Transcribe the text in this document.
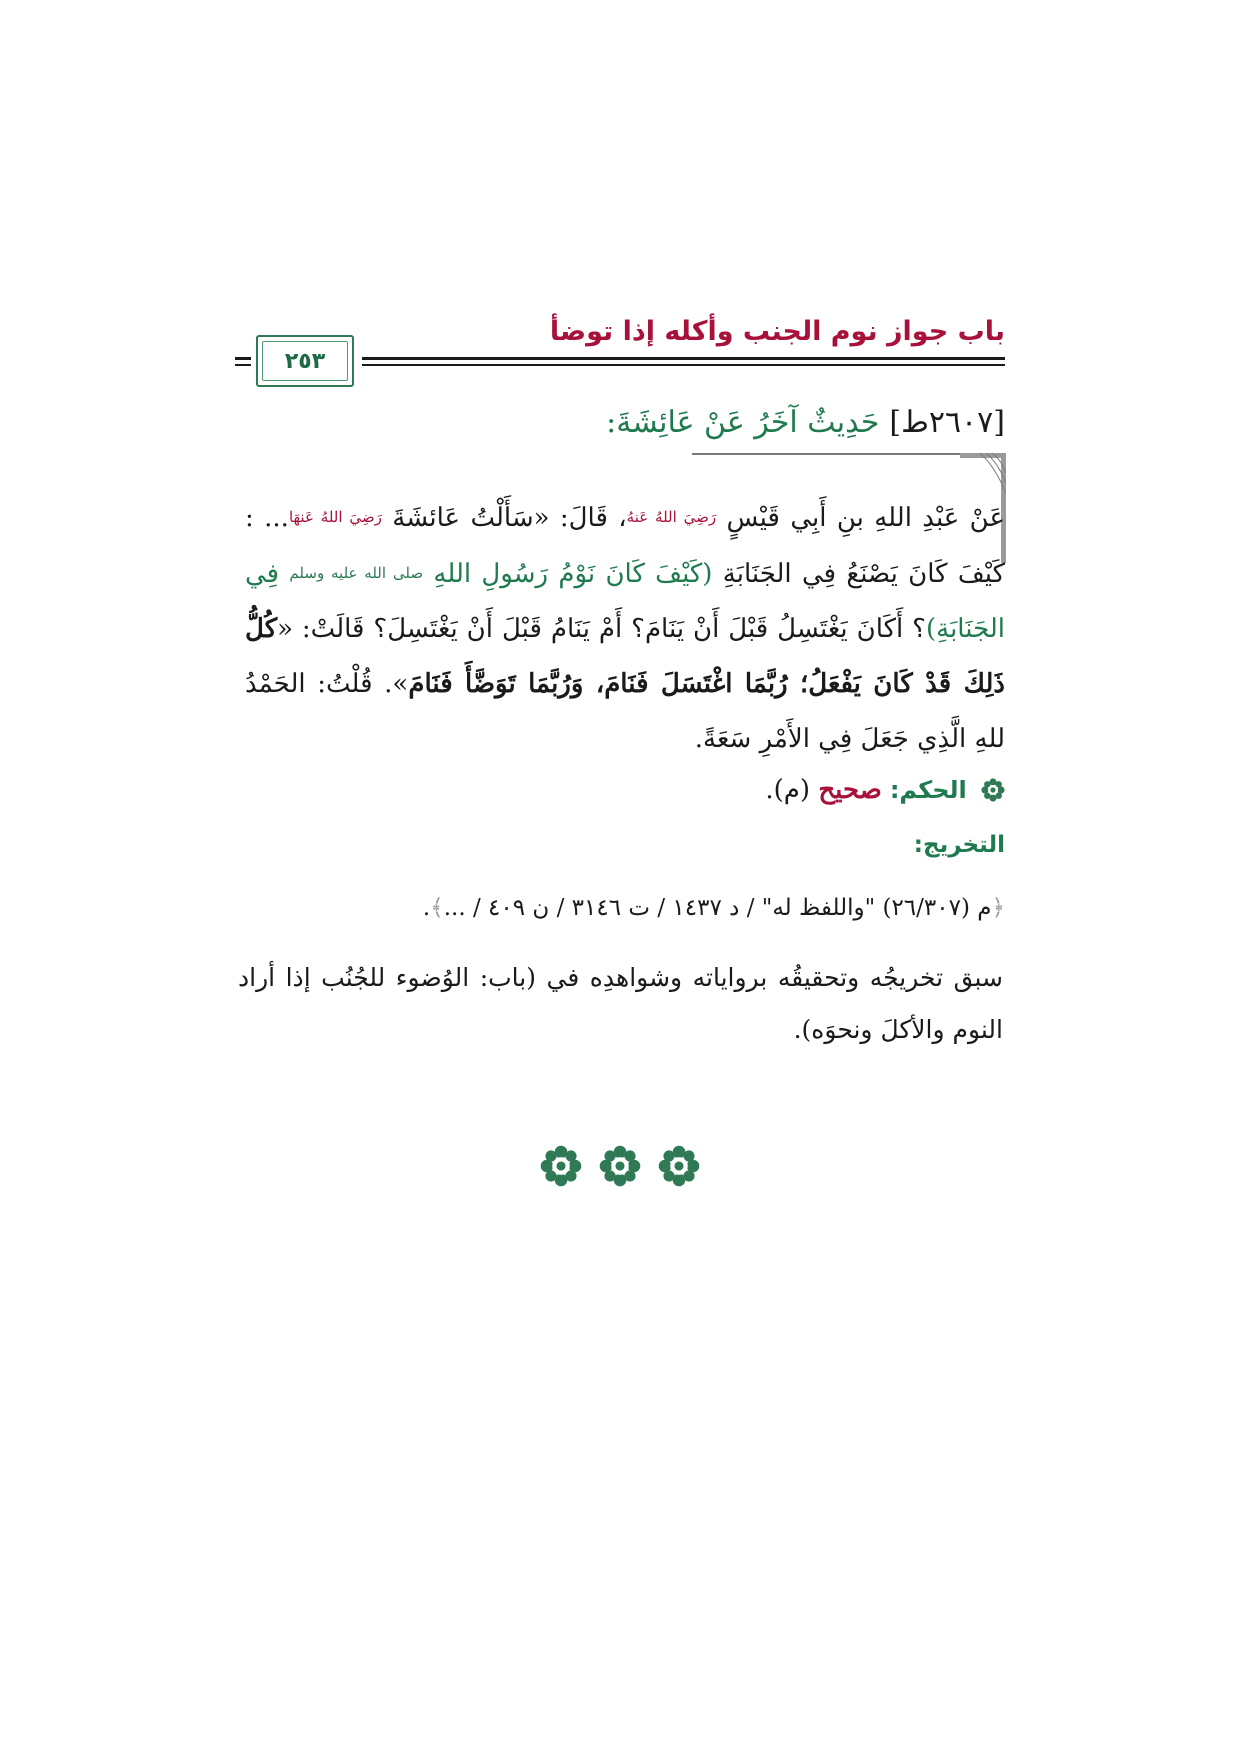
باب جواز نوم الجنب وأكله إذا توضأ
٢٥٣
[٢٦٠٧ط]حَدِيثٌ آخَرُ عَنْ عَائِشَةَ:
عَنْ عَبْدِ اللهِ بنِ أَبِي قَيْسٍ رَضِيَ اللهُ عَنهُ، قَالَ: «سَأَلْتُ عَائشَةَ رَضِيَ اللهُ عَنهَا... : كَيْفَ كَانَ يَصْنَعُ فِي الجَنَابَةِ (كَيْفَ كَانَ نَوْمُ رَسُولِ اللهِ صلى الله عليه وسلم فِي الجَنَابَةِ)؟ أَكَانَ يَغْتَسِلُ قَبْلَ أَنْ يَنَامَ؟ أَمْ يَنَامُ قَبْلَ أَنْ يَغْتَسِلَ؟ قَالَتْ: «كُلُّ ذَلِكَ قَدْ كَانَ يَفْعَلُ؛ رُبَّمَا اغْتَسَلَ فَنَامَ، وَرُبَّمَا تَوَضَّأَ فَنَامَ». قُلْتُ: الحَمْدُ للهِ الَّذِي جَعَلَ فِي الأَمْرِ سَعَةً.
الحكم:صحيح (م).
التخريج:
﴿م (٢٦/٣٠٧) "واللفظ له" / د ١٤٣٧ / ت ٣١٤٦ / ن ٤٠٩ / ...﴾.
سبق تخريجُه وتحقيقُه برواياته وشواهدِه في (باب: الوُضوء للجُنُب إذا أراد النوم والأكلَ ونحوَه).
